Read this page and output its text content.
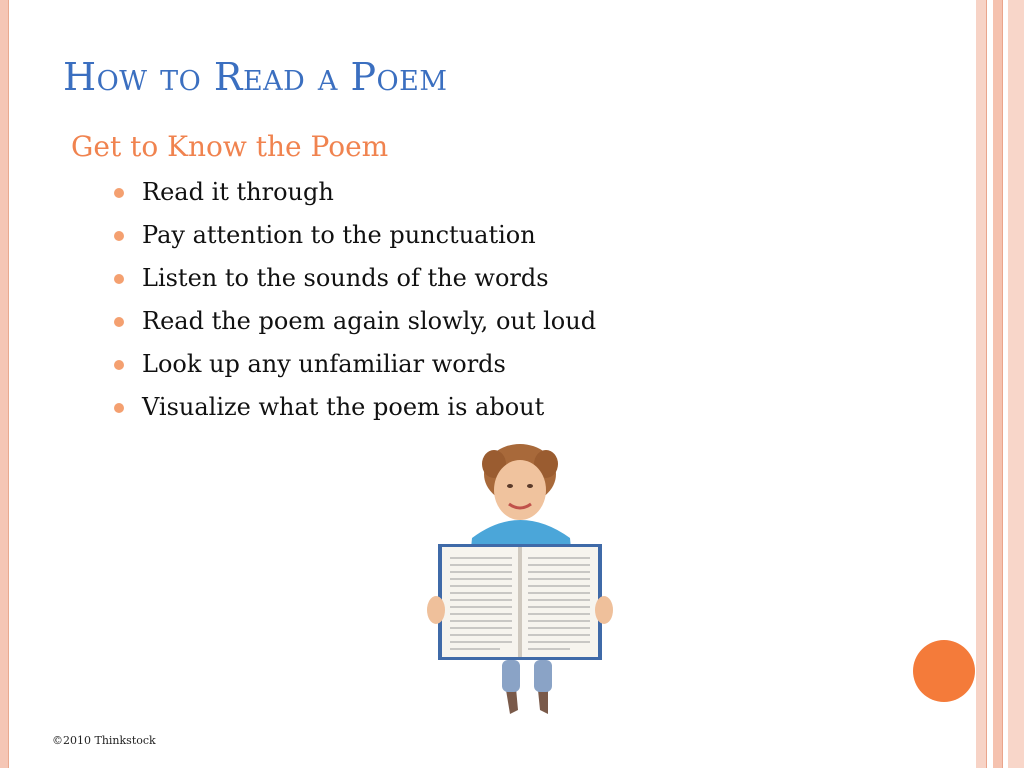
How to Read a Poem
Get to Know the Poem
Read it through
Pay attention to the punctuation
Listen to the sounds of the words
Read the poem again slowly, out loud
Look up any unfamiliar words
Visualize what the poem is about
©2010 Thinkstock
